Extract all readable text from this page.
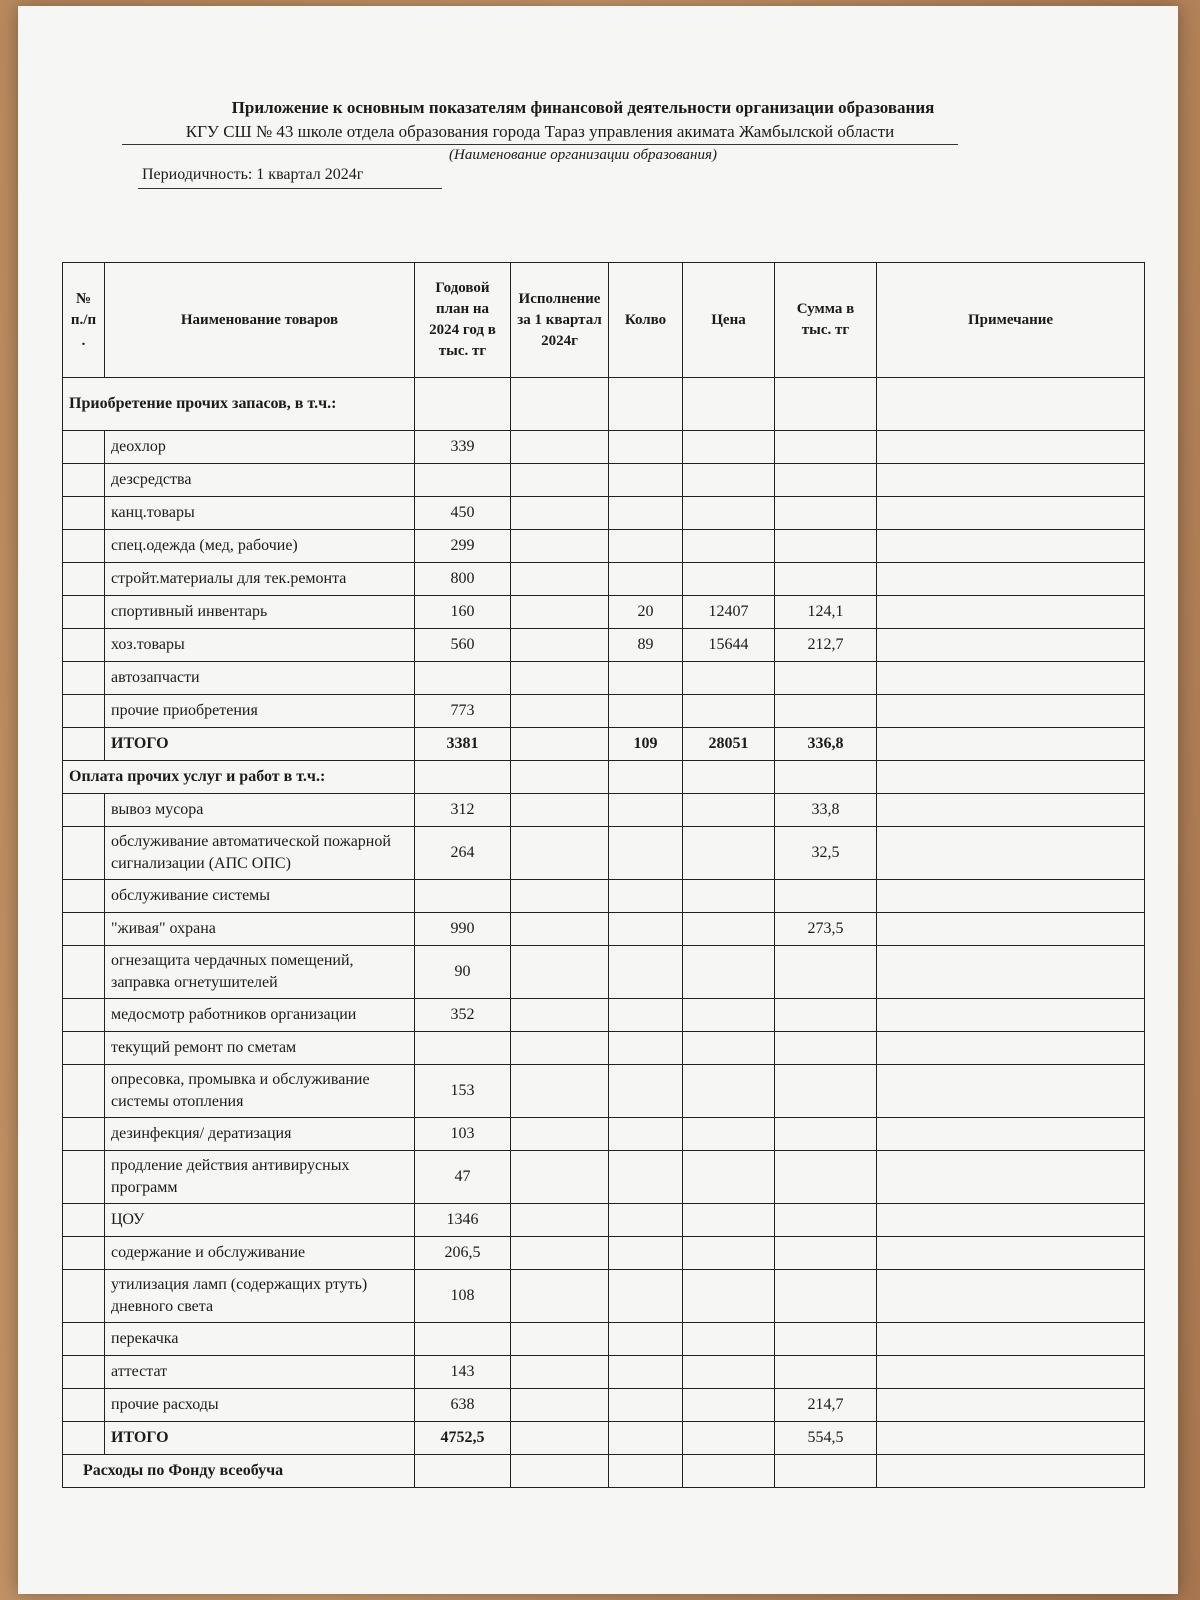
Приложение к основным показателям финансовой деятельности организации образования
КГУ СШ № 43 школе отдела образования города Тараз управления акимата Жамбылской области
(Наименование организации образования)
Периодичность: 1 квартал 2024г
№ п./п .	Наименование товаров	Годовой план на 2024 год в тыс. тг	Исполнение за 1 квартал 2024г	Колво	Цена	Сумма в тыс. тг	Примечание
Приобретение прочих запасов, в т.ч.:							
	деохлор	339					
	дезсредства						
	канц.товары	450					
	спец.одежда (мед, рабочие)	299					
	стройт.материалы для тек.ремонта	800					
	спортивный инвентарь	160		20	12407	124,1	
	хоз.товары	560		89	15644	212,7	
	автозапчасти						
	прочие приобретения	773					
	ИТОГО	3381		109	28051	336,8	
Оплата прочих услуг и работ в т.ч.:							
	вывоз мусора	312				33,8	
	обслуживание автоматической пожарной сигнализации (АПС ОПС)	264				32,5	
	обслуживание системы						
	"живая" охрана	990				273,5	
	огнезащита чердачных помещений, заправка огнетушителей	90					
	медосмотр работников организации	352					
	текущий ремонт по сметам						
	опресовка, промывка и обслуживание системы отопления	153					
	дезинфекция/ дератизация	103					
	продление действия антивирусных программ	47					
	ЦОУ	1346					
	содержание и обслуживание	206,5					
	утилизация ламп (содержащих ртуть) дневного света	108					
	перекачка						
	аттестат	143					
	прочие расходы	638				214,7	
	ИТОГО	4752,5				554,5	
Расходы по Фонду всеобуча							
